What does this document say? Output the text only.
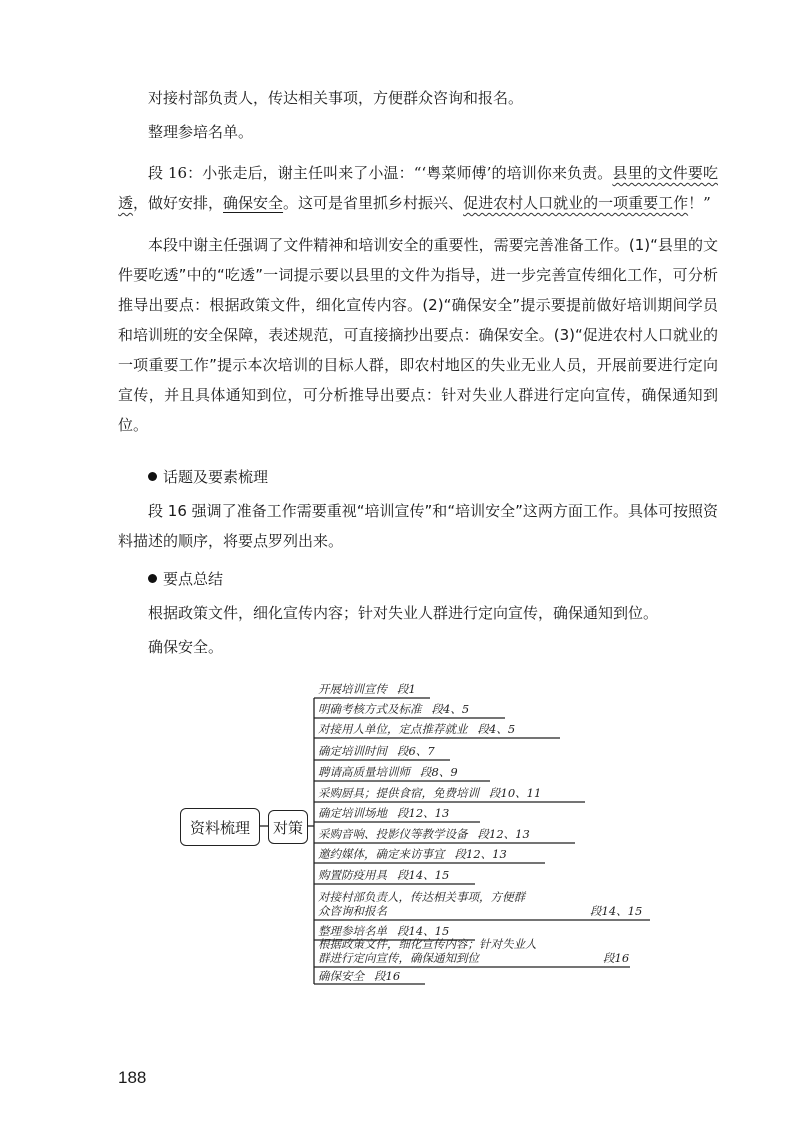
对接村部负责人，传达相关事项，方便群众咨询和报名。

整理参培名单。

段 16：小张走后，谢主任叫来了小温：“‘粤菜师傅’的培训你来负责。县里的文件要吃透，做好安排，确保安全。这可是省里抓乡村振兴、促进农村人口就业的一项重要工作！”

本段中谢主任强调了文件精神和培训安全的重要性，需要完善准备工作。(1)“县里的文件要吃透”中的“吃透”一词提示要以县里的文件为指导，进一步完善宣传细化工作，可分析推导出要点：根据政策文件，细化宣传内容。(2)“确保安全”提示要提前做好培训期间学员和培训班的安全保障，表述规范，可直接摘抄出要点：确保安全。(3)“促进农村人口就业的一项重要工作”提示本次培训的目标人群，即农村地区的失业无业人员，开展前要进行定向宣传，并且具体通知到位，可分析推导出要点：针对失业人群进行定向宣传，确保通知到位。

话题及要素梳理

段 16 强调了准备工作需要重视“培训宣传”和“培训安全”这两方面工作。具体可按照资料描述的顺序，将要点罗列出来。

要点总结

根据政策文件，细化宣传内容；针对失业人群进行定向宣传，确保通知到位。

确保安全。

资料梳理	对策
开展培训宣传 段1
明确考核方式及标准 段4、5
对接用人单位，定点推荐就业 段4、5
确定培训时间 段6、7
聘请高质量培训师 段8、9
采购厨具；提供食宿，免费培训 段10、11
确定培训场地 段12、13
采购音响、投影仪等教学设备 段12、13
邀约媒体，确定来访事宜 段12、13
购置防疫用具 段14、15
对接村部负责人，传达相关事项，方便群
众咨询和报名	段14、15
整理参培名单 段14、15
根据政策文件，细化宣传内容；针对失业人
群进行定向宣传，确保通知到位	段16
确保安全 段16
188
